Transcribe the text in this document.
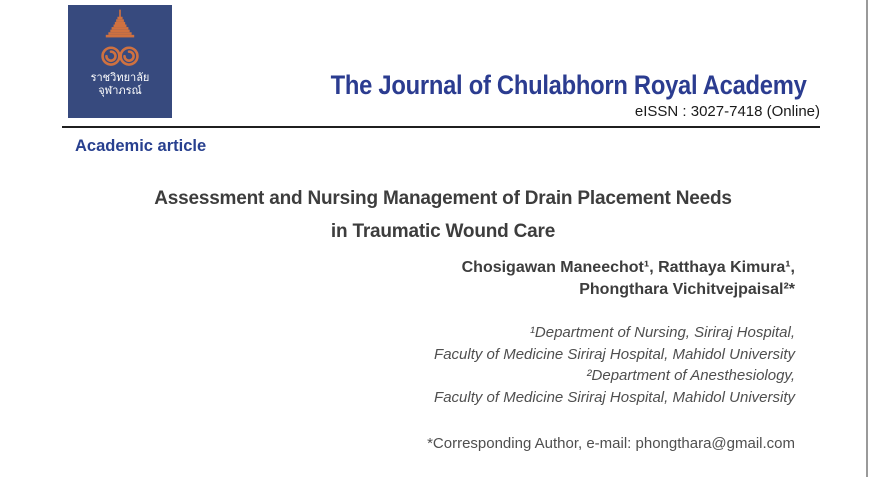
ราชวิทยาลัย
จุฬาภรณ์	The Journal of Chulabhorn Royal Academy
eISSN : 3027-7418 (Online)
Academic article
Assessment and Nursing Management of Drain Placement Needs
in Traumatic Wound Care
Chosigawan Maneechot¹, Ratthaya Kimura¹,
Phongthara Vichitvejpaisal²*
¹Department of Nursing, Siriraj Hospital,
Faculty of Medicine Siriraj Hospital, Mahidol University
²Department of Anesthesiology,
Faculty of Medicine Siriraj Hospital, Mahidol University
*Corresponding Author, e-mail: phongthara@gmail.com
